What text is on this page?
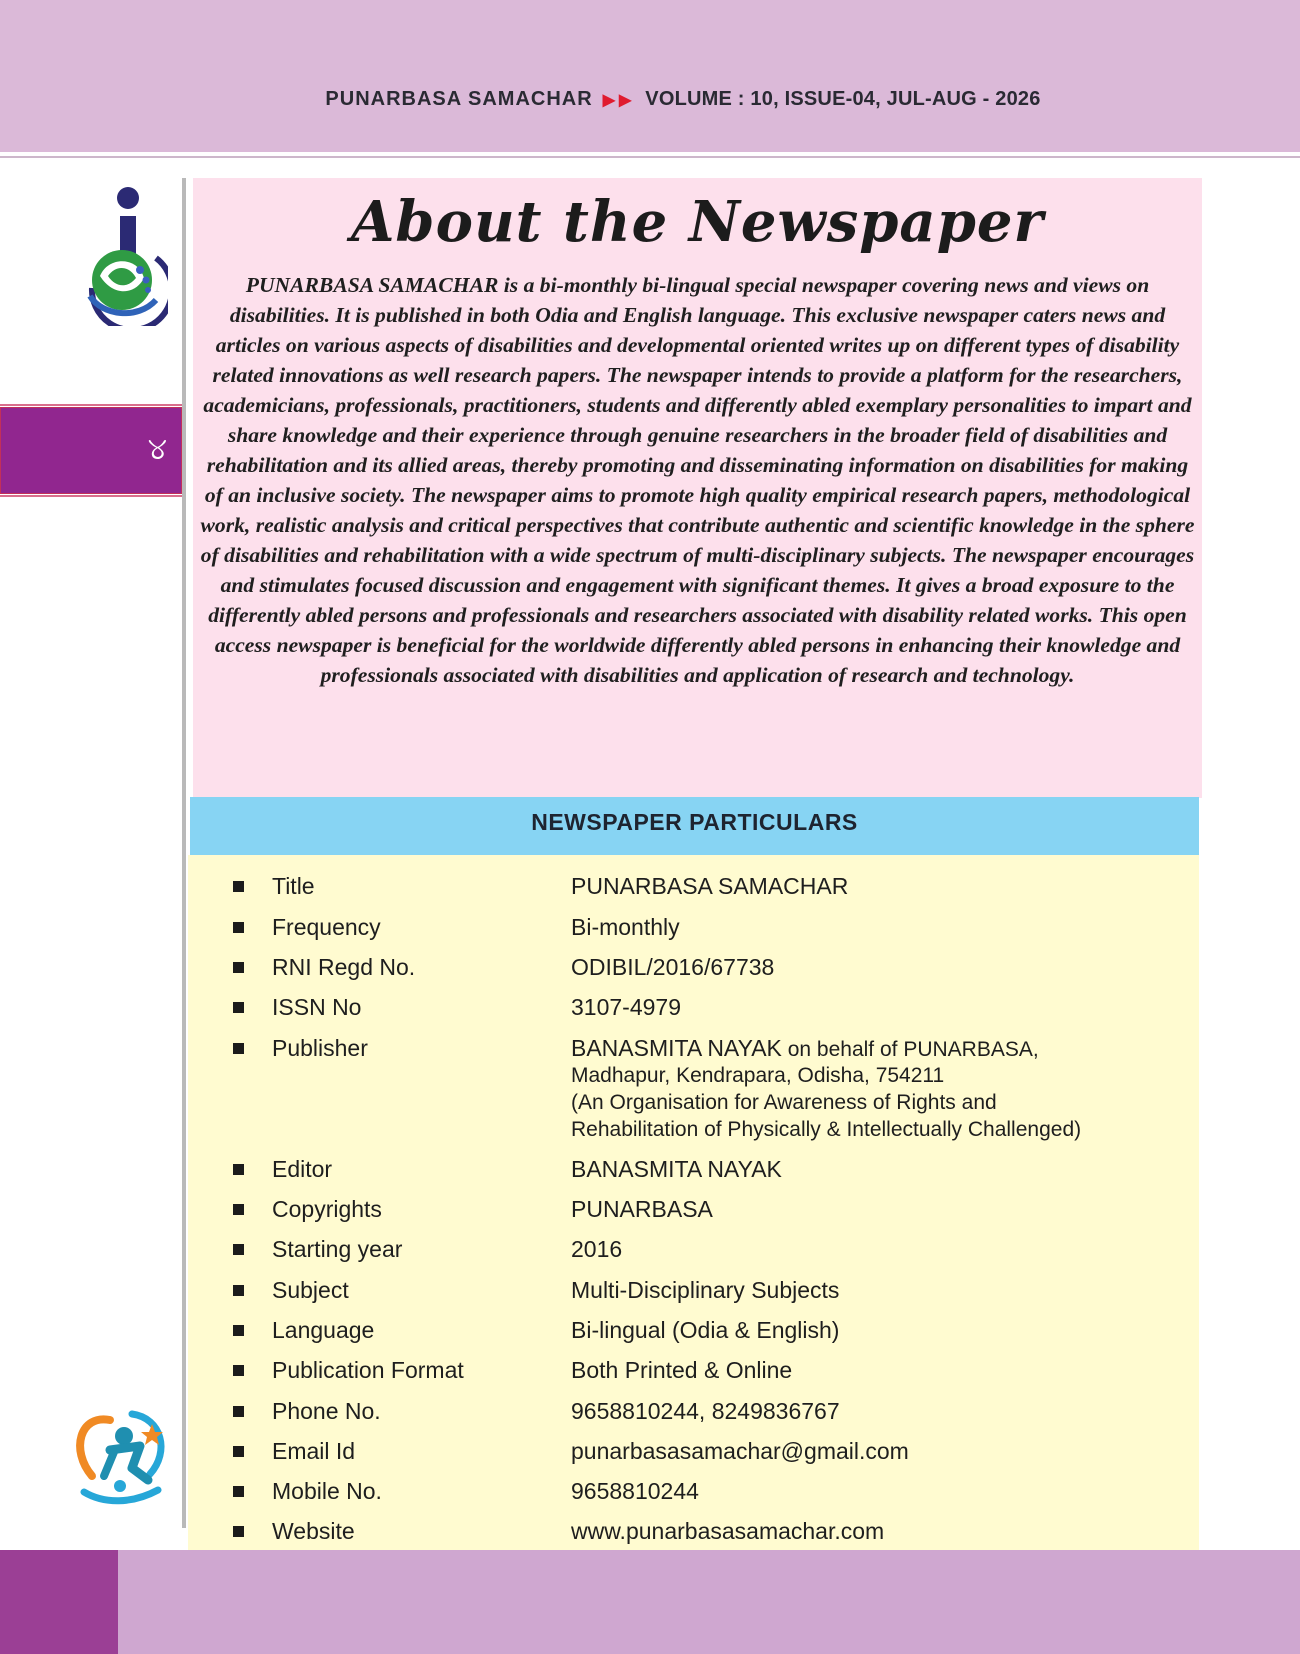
PUNARBASA SAMACHAR ▶▶ VOLUME : 10, ISSUE-04, JUL-AUG - 2026
୪
About the Newspaper

PUNARBASA SAMACHAR is a bi-monthly bi-lingual special newspaper covering news and views on disabilities. It is published in both Odia and English language. This exclusive newspaper caters news and articles on various aspects of disabilities and developmental oriented writes up on different types of disability related innovations as well research papers. The newspaper intends to provide a platform for the researchers, academicians, professionals, practitioners, students and differently abled exemplary personalities to impart and share knowledge and their experience through genuine researchers in the broader field of disabilities and rehabilitation and its allied areas, thereby promoting and disseminating information on disabilities for making of an inclusive society. The newspaper aims to promote high quality empirical research papers, methodological work, realistic analysis and critical perspectives that contribute authentic and scientific knowledge in the sphere of disabilities and rehabilitation with a wide spectrum of multi-disciplinary subjects. The newspaper encourages and stimulates focused discussion and engagement with significant themes. It gives a broad exposure to the differently abled persons and professionals and researchers associated with disability related works. This open access newspaper is beneficial for the worldwide differently abled persons in enhancing their knowledge and professionals associated with disabilities and application of research and technology.

NEWSPAPER PARTICULARS
Title	PUNARBASA SAMACHAR
Frequency	Bi-monthly
RNI Regd No.	ODIBIL/2016/67738
ISSN No	3107-4979
Publisher	BANASMITA NAYAK on behalf of PUNARBASA,
Madhapur, Kendrapara, Odisha, 754211
(An Organisation for Awareness of Rights and
Rehabilitation of Physically & Intellectually Challenged)
Editor	BANASMITA NAYAK
Copyrights	PUNARBASA
Starting year	2016
Subject	Multi-Disciplinary Subjects
Language	Bi-lingual (Odia & English)
Publication Format	Both Printed & Online
Phone No.	9658810244, 8249836767
Email Id	punarbasasamachar@gmail.com
Mobile No.	9658810244
Website	www.punarbasasamachar.com
